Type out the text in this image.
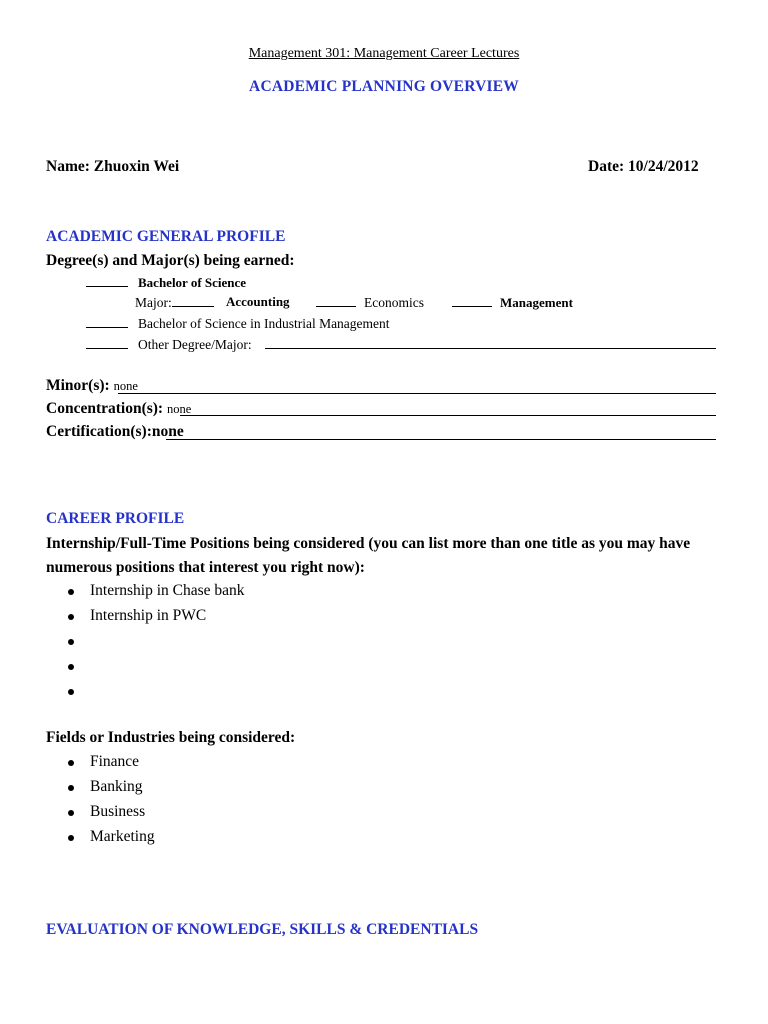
Management 301: Management Career Lectures
ACADEMIC PLANNING OVERVIEW
Name: Zhuoxin Wei	Date: 10/24/2012
ACADEMIC GENERAL PROFILE
Degree(s) and Major(s) being earned:
Bachelor of Science
Major:	Accounting	Economics	Management
Bachelor of Science in Industrial Management
Other Degree/Major:
Minor(s): none
Concentration(s): none
Certification(s):none
CAREER PROFILE
Internship/Full-Time Positions being considered (you can list more than one title as you may have numerous positions that interest you right now):
Internship in Chase bank
Internship in PWC
Fields or Industries being considered:
Finance
Banking
Business
Marketing
EVALUATION OF KNOWLEDGE, SKILLS & CREDENTIALS
